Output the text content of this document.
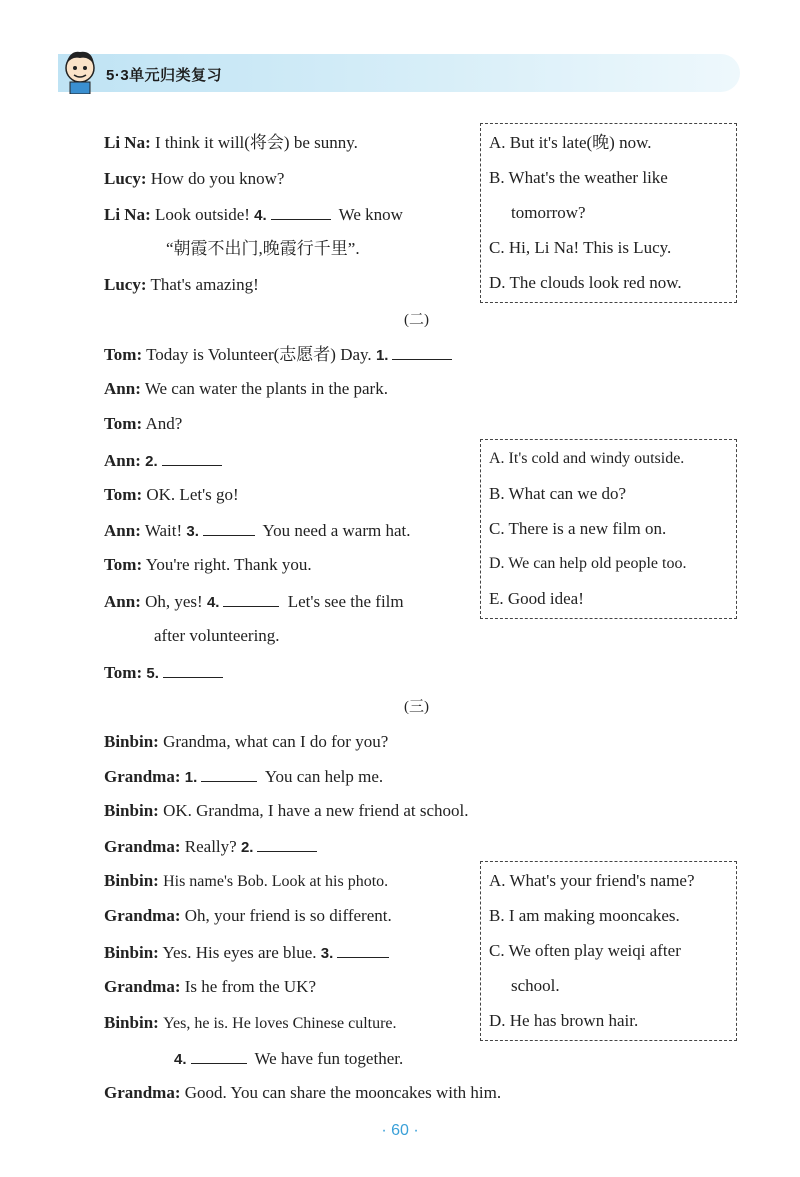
5·3单元归类复习
Li Na: I think it will(将会) be sunny.
Lucy: How do you know?
Li Na: Look outside! 4.	We know
“朝霞不出门,晚霞行千里”.
Lucy: That's amazing!
A. But it's late(晚) now.
B. What's the weather like
tomorrow?
C. Hi, Li Na! This is Lucy.
D. The clouds look red now.
(二)
Tom: Today is Volunteer(志愿者) Day. 1.
Ann: We can water the plants in the park.
Tom: And?
Ann: 2.
Tom: OK. Let's go!
Ann: Wait! 3.	You need a warm hat.
Tom: You're right. Thank you.
Ann: Oh, yes! 4.	Let's see the film
after volunteering.
Tom: 5.
A. It's cold and windy outside.
B. What can we do?
C. There is a new film on.
D. We can help old people too.
E. Good idea!
(三)
Binbin: Grandma, what can I do for you?
Grandma: 1.	You can help me.
Binbin: OK. Grandma, I have a new friend at school.
Grandma: Really? 2.
Binbin: His name's Bob. Look at his photo.
Grandma: Oh, your friend is so different.
Binbin: Yes. His eyes are blue. 3.
Grandma: Is he from the UK?
Binbin: Yes, he is. He loves Chinese culture.
4.	We have fun together.
Grandma: Good. You can share the mooncakes with him.
A. What's your friend's name?
B. I am making mooncakes.
C. We often play weiqi after
school.
D. He has brown hair.
· 60 ·
